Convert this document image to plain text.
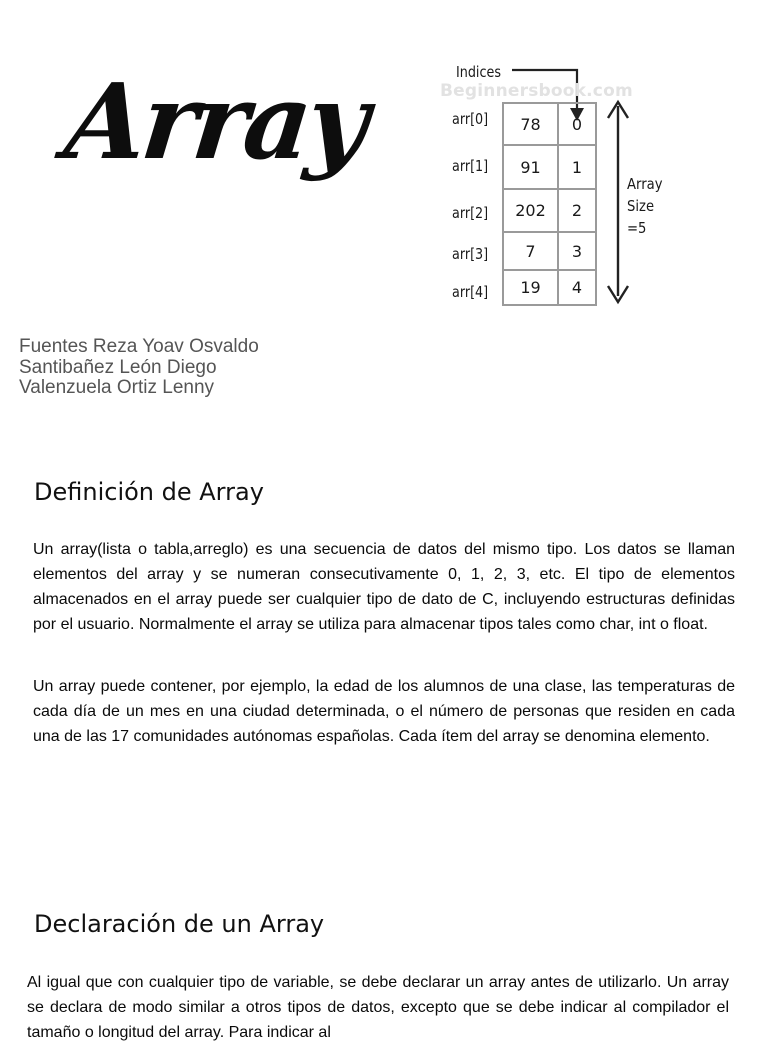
Array
Fuentes Reza Yoav Osvaldo
Santibañez León Diego
Valenzuela Ortiz Lenny
Indices
Beginnersbook.com
arr[0]	78	0
arr[1]	91	1
arr[2]	202	2
arr[3]	7	3
arr[4]	19	4
Array
Size
=5
Definición de Array
Un array(lista o tabla,arreglo) es una secuencia de datos del mismo tipo. Los datos se llaman elementos del array y se numeran consecutivamente 0, 1, 2, 3, etc. El tipo de elementos almacenados en el array puede ser cualquier tipo de dato de C, incluyendo estructuras definidas por el usuario. Normalmente el array se utiliza para almacenar tipos tales como char, int o float.
Un array puede contener, por ejemplo, la edad de los alumnos de una clase, las temperaturas de cada día de un mes en una ciudad determinada, o el número de personas que residen en cada una de las 17 comunidades autónomas españolas. Cada ítem del array se denomina elemento.
Declaración de un Array
Al igual que con cualquier tipo de variable, se debe declarar un array antes de utilizarlo. Un array se declara de modo similar a otros tipos de datos, excepto que se debe indicar al compilador el tamaño o longitud del array. Para indicar al
